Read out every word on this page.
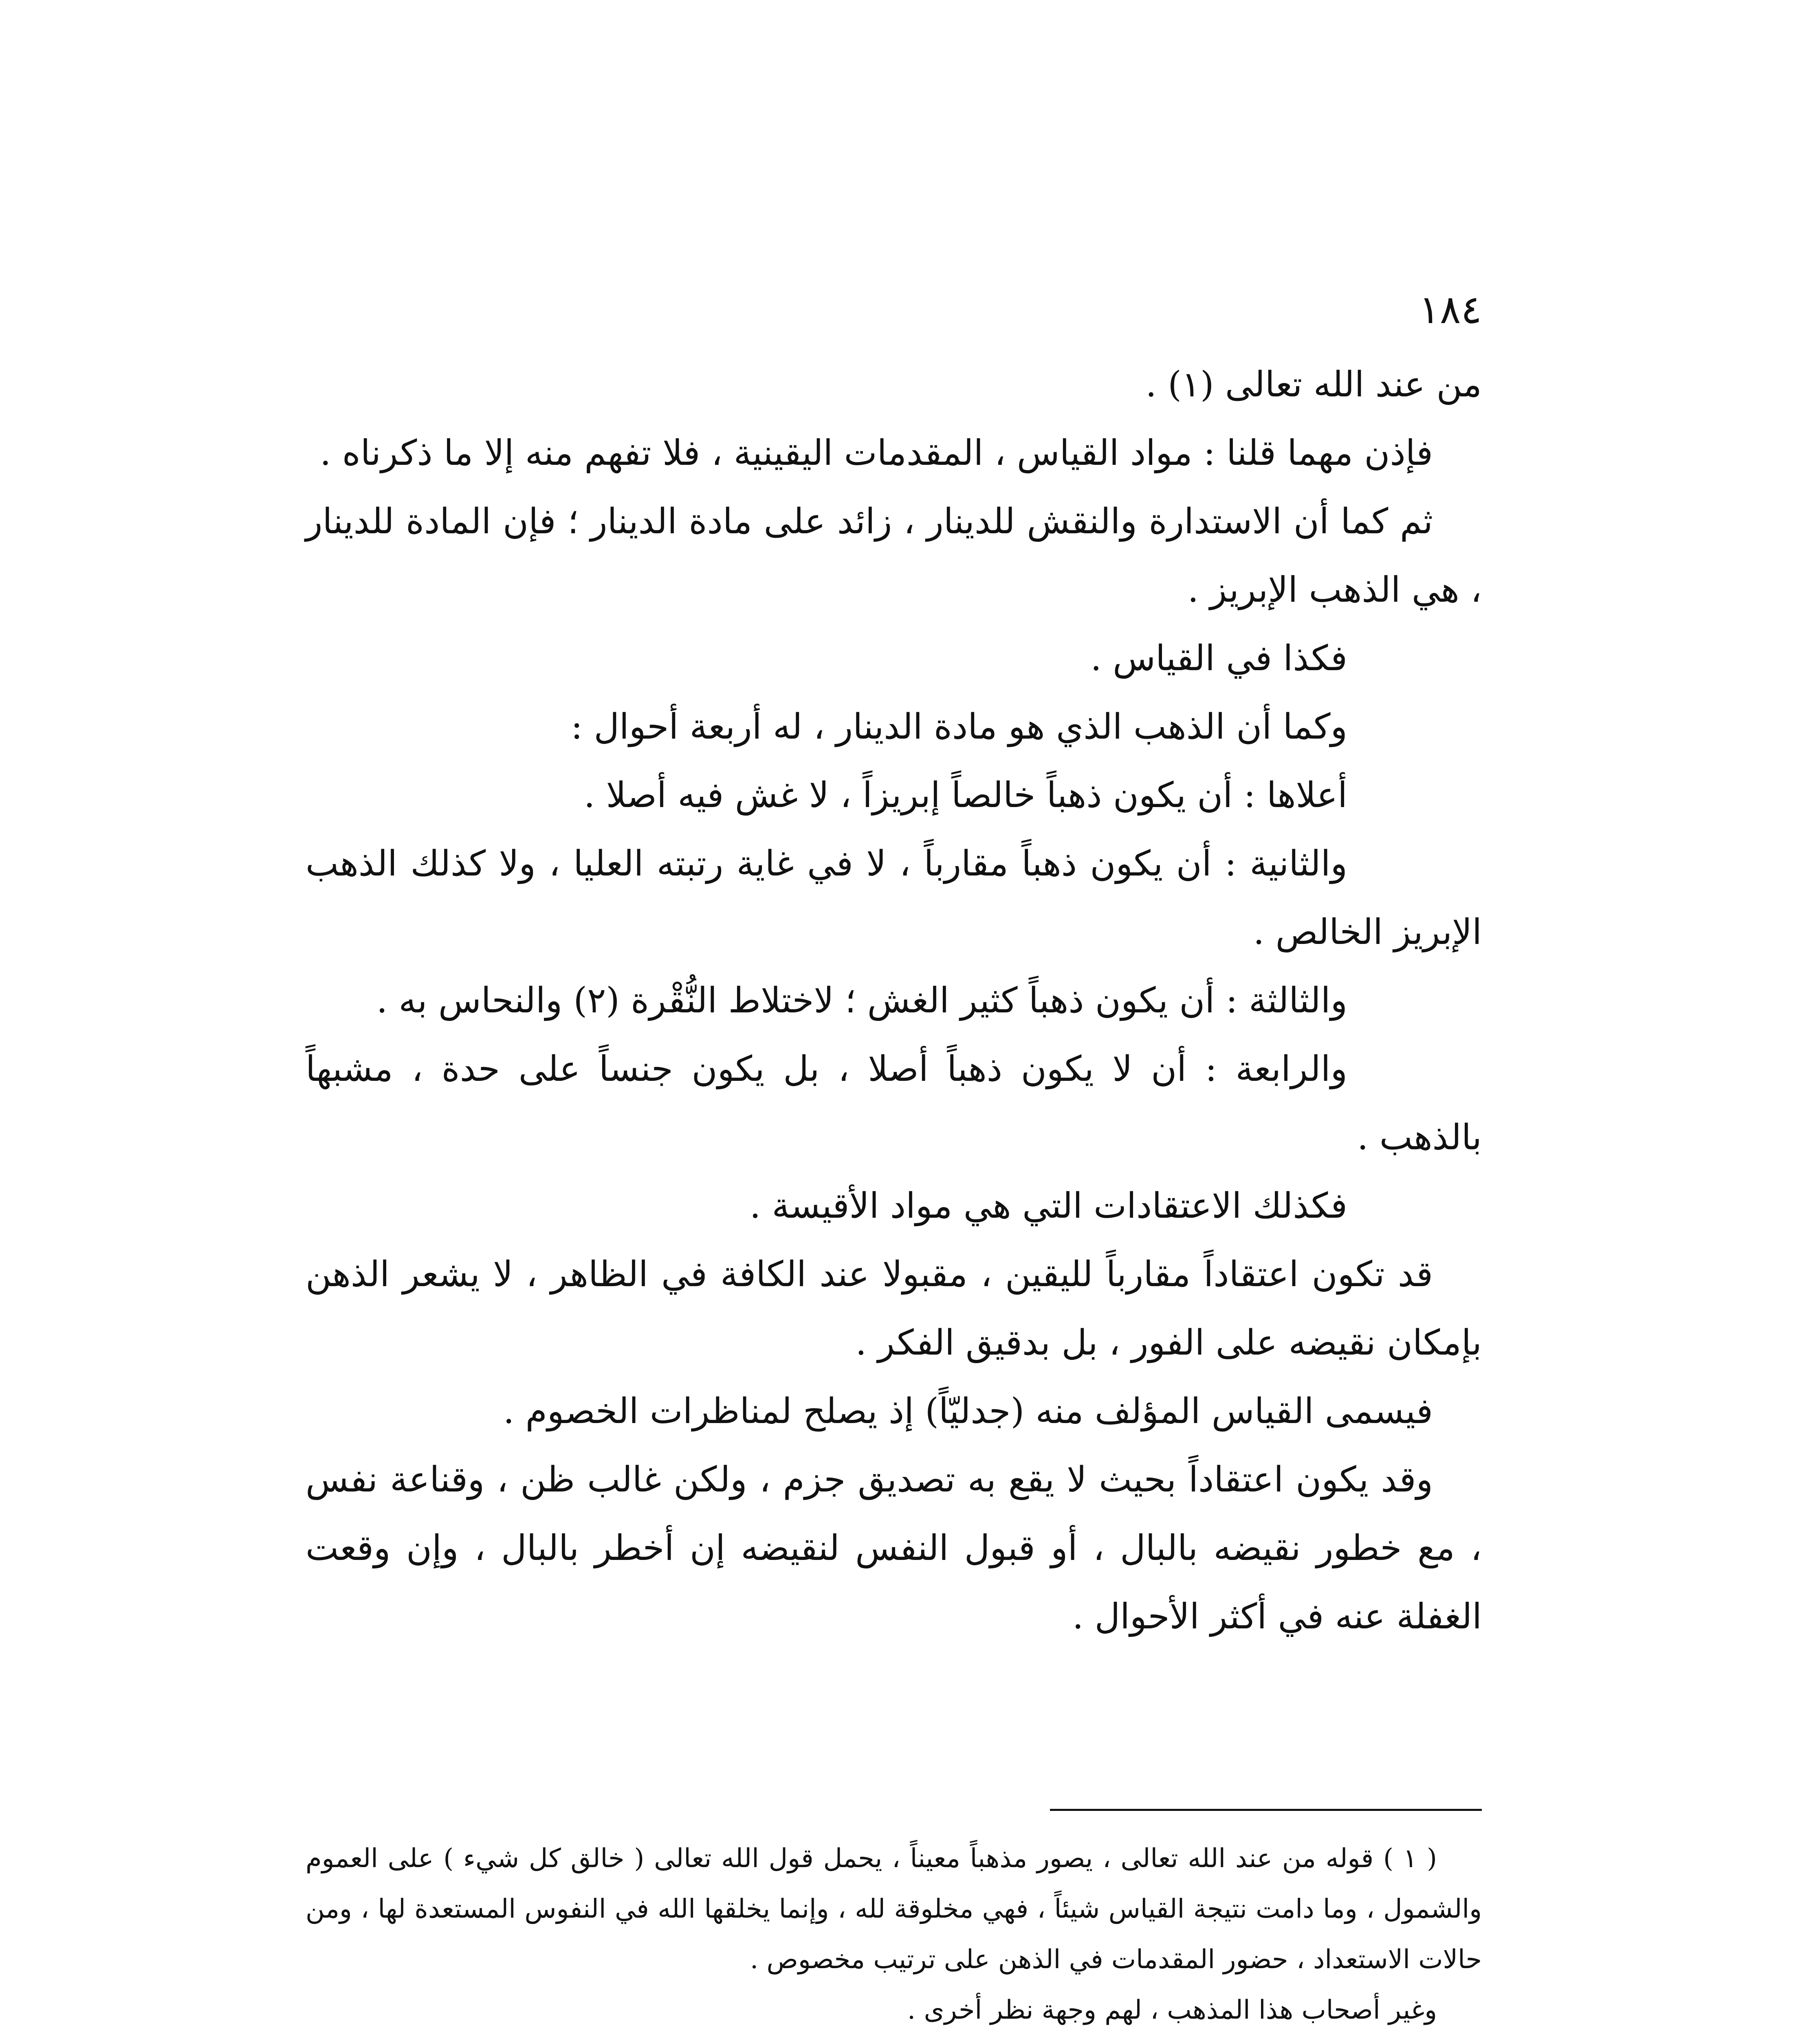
١٨٤

من عند الله تعالى (١) .

فإذن مهما قلنا : مواد القياس ، المقدمات اليقينية ، فلا تفهم منه إلا ما ذكرناه .

ثم كما أن الاستدارة والنقش للدينار ، زائد على مادة الدينار ؛ فإن المادة للدينار ، هي الذهب الإبريز .

فكذا في القياس .

وكما أن الذهب الذي هو مادة الدينار ، له أربعة أحوال :

أعلاها : أن يكون ذهباً خالصاً إبريزاً ، لا غش فيه أصلا .

والثانية : أن يكون ذهباً مقارباً ، لا في غاية رتبته العليا ، ولا كذلك الذهب الإبريز الخالص .

والثالثة : أن يكون ذهباً كثير الغش ؛ لاختلاط النُّقْرة (٢) والنحاس به .

والرابعة : أن لا يكون ذهباً أصلا ، بل يكون جنساً على حدة ، مشبهاً بالذهب .

فكذلك الاعتقادات التي هي مواد الأقيسة .

قد تكون اعتقاداً مقارباً لليقين ، مقبولا عند الكافة في الظاهر ، لا يشعر الذهن بإمكان نقيضه على الفور ، بل بدقيق الفكر .

فيسمى القياس المؤلف منه (جدليّاً) إذ يصلح لمناظرات الخصوم .

وقد يكون اعتقاداً بحيث لا يقع به تصديق جزم ، ولكن غالب ظن ، وقناعة نفس ، مع خطور نقيضه بالبال ، أو قبول النفس لنقيضه إن أخطر بالبال ، وإن وقعت الغفلة عنه في أكثر الأحوال .

( ١ ) قوله من عند الله تعالى ، يصور مذهباً معيناً ، يحمل قول الله تعالى ( خالق كل شيء ) على العموم والشمول ، وما دامت نتيجة القياس شيئاً ، فهي مخلوقة لله ، وإنما يخلقها الله في النفوس المستعدة لها ، ومن حالات الاستعداد ، حضور المقدمات في الذهن على ترتيب مخصوص .

وغير أصحاب هذا المذهب ، لهم وجهة نظر أخرى .
